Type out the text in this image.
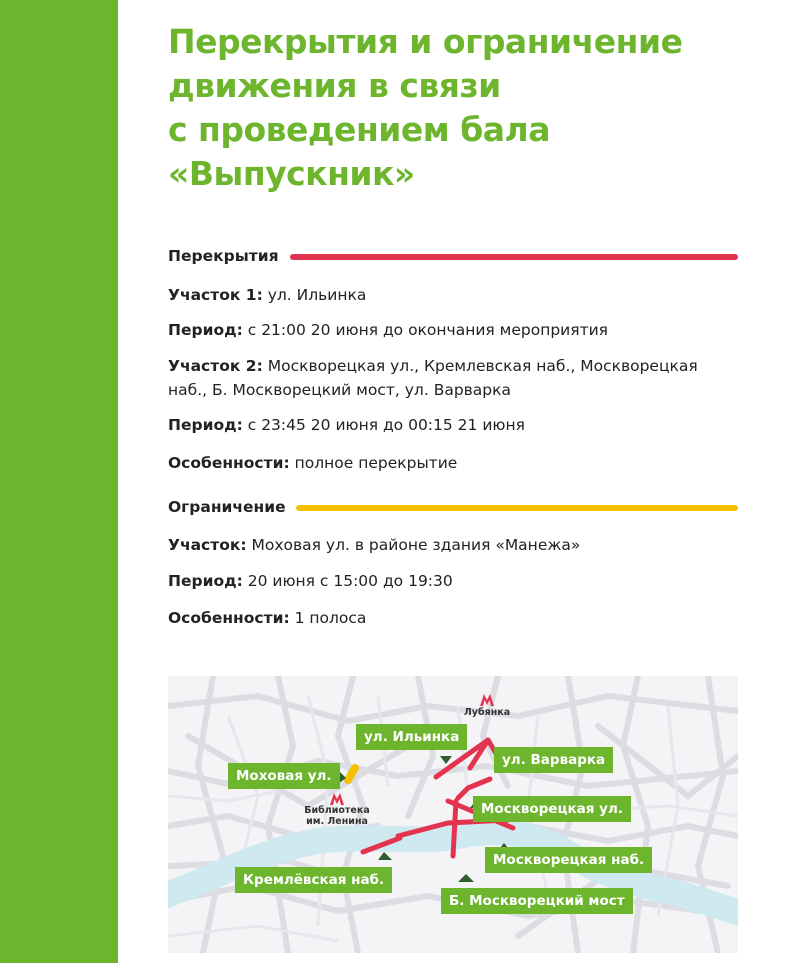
Перекрытия и ограничение
движения в связи
с проведением бала
«Выпускник»
Перекрытия
Участок 1: ул. Ильинка
Период: с 21:00 20 июня до окончания мероприятия
Участок 2: Москворецкая ул., Кремлевская наб., Москворецкая
наб., Б. Москворецкий мост, ул. Варварка
Период: с 23:45 20 июня до 00:15 21 июня
Особенности: полное перекрытие
Ограничение
Участок: Моховая ул. в районе здания «Манежа»
Период: 20 июня с 15:00 до 19:30
Особенности: 1 полоса
Лубянка
Библиотека
им. Ленина
ул. Ильинка
ул. Варварка
Моховая ул.
Москворецкая ул.
Москворецкая наб.
Кремлёвская наб.
Б. Москворецкий мост
